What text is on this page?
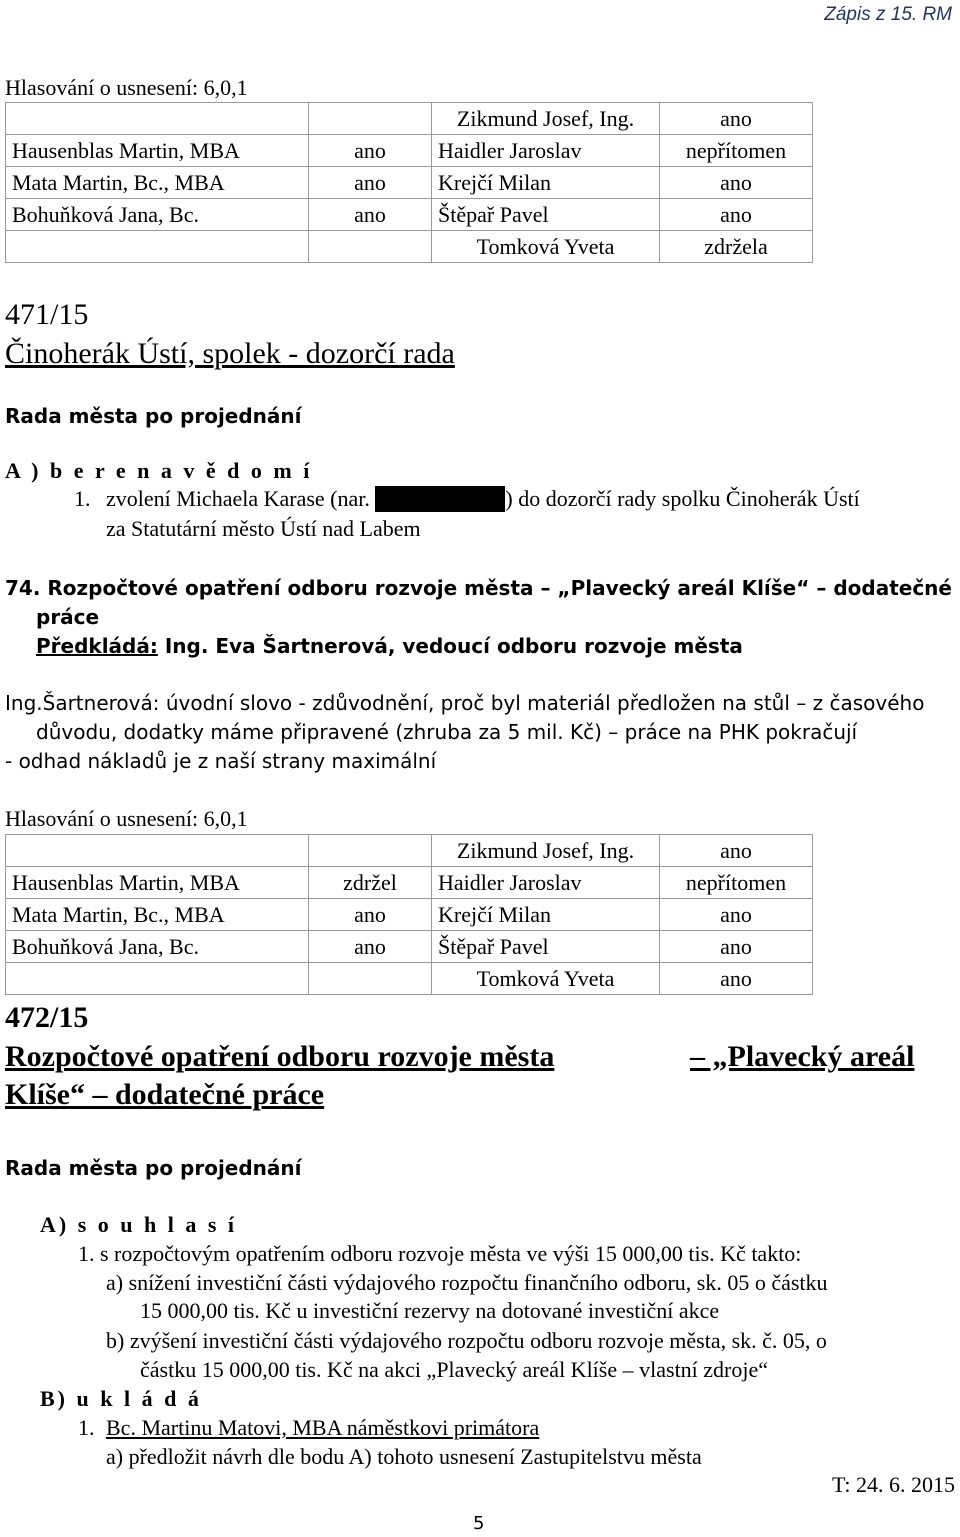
Zápis z 15. RM
Hlasování o usnesení: 6,0,1
		Zikmund Josef, Ing.	ano
Hausenblas Martin, MBA	ano	Haidler Jaroslav	nepřítomen
Mata Martin, Bc., MBA	ano	Krejčí Milan	ano
Bohuňková Jana, Bc.	ano	Štěpař Pavel	ano
		Tomková Yveta	zdržela
471/15
Činoherák Ústí, spolek - dozorčí rada
Rada města po projednání
A ) b e r e n a v ě d o m í
1. zvolení Michaela Karase (nar.	) do dozorčí rady spolku Činoherák Ústí
za Statutární město Ústí nad Labem
74. Rozpočtové opatření odboru rozvoje města – „Plavecký areál Klíše“ – dodatečné
práce
Předkládá: Ing. Eva Šartnerová, vedoucí odboru rozvoje města
Ing.Šartnerová: úvodní slovo - zdůvodnění, proč byl materiál předložen na stůl – z časového
důvodu, dodatky máme připravené (zhruba za 5 mil. Kč) – práce na PHK pokračují
- odhad nákladů je z naší strany maximální
Hlasování o usnesení: 6,0,1
		Zikmund Josef, Ing.	ano
Hausenblas Martin, MBA	zdržel	Haidler Jaroslav	nepřítomen
Mata Martin, Bc., MBA	ano	Krejčí Milan	ano
Bohuňková Jana, Bc.	ano	Štěpař Pavel	ano
		Tomková Yveta	ano
472/15
Rozpočtové opatření odboru rozvoje města	– „Plavecký areál
Klíše“ – dodatečné práce
Rada města po projednání
A) s o u h l a s í
1. s rozpočtovým opatřením odboru rozvoje města ve výši 15 000,00 tis. Kč takto:
a) snížení investiční části výdajového rozpočtu finančního odboru, sk. 05 o částku
15 000,00 tis. Kč u investiční rezervy na dotované investiční akce
b) zvýšení investiční části výdajového rozpočtu odboru rozvoje města, sk. č. 05, o
částku 15 000,00 tis. Kč na akci „Plavecký areál Klíše – vlastní zdroje“
B) u k l á d á
1. Bc. Martinu Matovi, MBA náměstkovi primátora
a) předložit návrh dle bodu A) tohoto usnesení Zastupitelstvu města
T: 24. 6. 2015
5
